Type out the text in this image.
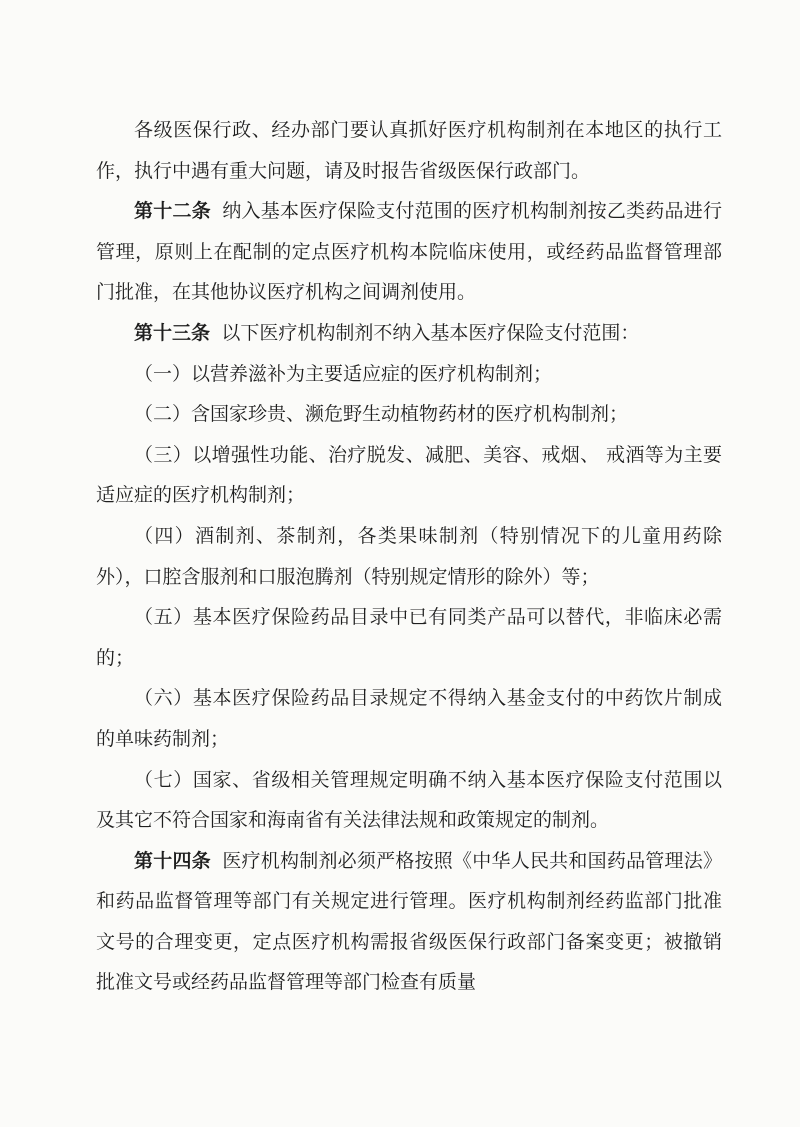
各级医保行政、经办部门要认真抓好医疗机构制剂在本地区的执行工作，执行中遇有重大问题，请及时报告省级医保行政部门。

第十二条 纳入基本医疗保险支付范围的医疗机构制剂按乙类药品进行管理，原则上在配制的定点医疗机构本院临床使用，或经药品监督管理部门批准，在其他协议医疗机构之间调剂使用。

第十三条 以下医疗机构制剂不纳入基本医疗保险支付范围：

（一）以营养滋补为主要适应症的医疗机构制剂；

（二）含国家珍贵、濒危野生动植物药材的医疗机构制剂；

（三）以增强性功能、治疗脱发、减肥、美容、戒烟、 戒酒等为主要适应症的医疗机构制剂；

（四）酒制剂、茶制剂，各类果味制剂（特别情况下的儿童用药除外），口腔含服剂和口服泡腾剂（特别规定情形的除外）等；

（五）基本医疗保险药品目录中已有同类产品可以替代，非临床必需的；

（六）基本医疗保险药品目录规定不得纳入基金支付的中药饮片制成的单味药制剂；

（七）国家、省级相关管理规定明确不纳入基本医疗保险支付范围以及其它不符合国家和海南省有关法律法规和政策规定的制剂。

第十四条 医疗机构制剂必须严格按照《中华人民共和国药品管理法》和药品监督管理等部门有关规定进行管理。医疗机构制剂经药监部门批准文号的合理变更，定点医疗机构需报省级医保行政部门备案变更；被撤销批准文号或经药品监督管理等部门检查有质量
